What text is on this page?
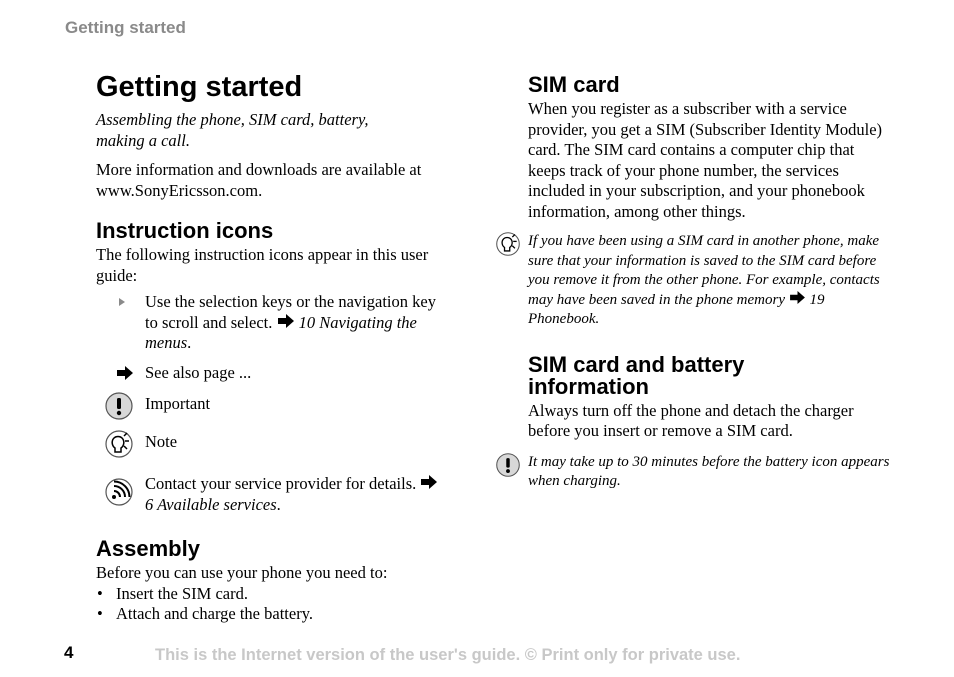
Getting started
Getting started

Assembling the phone, SIM card, battery, making a call.

More information and downloads are available at www.SonyEricsson.com.

Instruction icons

The following instruction icons appear in this user guide:

Use the selection keys or the navigation key to scroll and select. 10 Navigating the menus.
See also page ...
Important
Note
Contact your service provider for details.  6 Available services.
Assembly

Before you can use your phone you need to:

• Insert the SIM card.
• Attach and charge the battery.
SIM card

When you register as a subscriber with a service provider, you get a SIM (Subscriber Identity Module) card. The SIM card contains a computer chip that keeps track of your phone number, the services included in your subscription, and your phonebook information, among other things.

If you have been using a SIM card in another phone, make sure that your information is saved to the SIM card before you remove it from the other phone. For example, contacts may have been saved in the phone memory 19 Phonebook.

SIM card and battery information

Always turn off the phone and detach the charger before you insert or remove a SIM card.

It may take up to 30 minutes before the battery icon appears when charging.

4	This is the Internet version of the user's guide. © Print only for private use.
